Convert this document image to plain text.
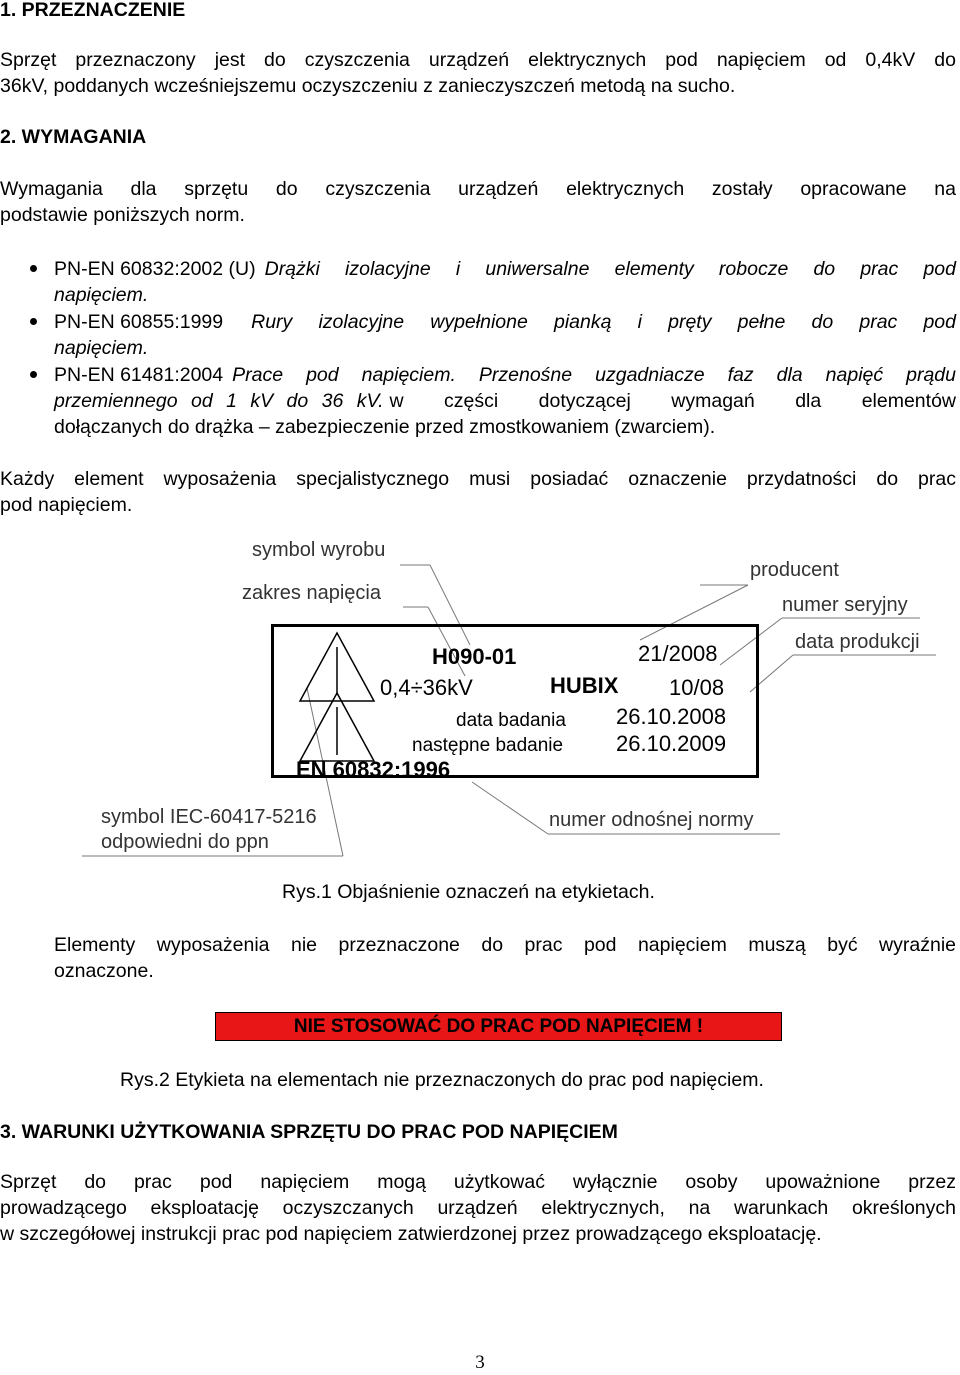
1. PRZEZNACZENIE
Sprzęt przeznaczony jest do czyszczenia urządzeń elektrycznych pod napięciem od 0,4kV do
36kV, poddanych wcześniejszemu oczyszczeniu z zanieczyszczeń metodą na sucho.
2. WYMAGANIA
Wymagania dla sprzętu do czyszczenia urządzeń elektrycznych zostały opracowane na
podstawie poniższych norm.
PN-EN 60832:2002 (U) Drążki izolacyjne i uniwersalne elementy robocze do prac pod
napięciem.
PN-EN 60855:1999 Rury izolacyjne wypełnione pianką i pręty pełne do prac pod
napięciem.
PN-EN 61481:2004 Prace pod napięciem. Przenośne uzgadniacze faz dla napięć prądu
przemiennego od 1 kV do 36 kV. w części dotyczącej wymagań dla elementów
dołączanych do drążka – zabezpieczenie przed zmostkowaniem (zwarciem).
Każdy element wyposażenia specjalistycznego musi posiadać oznaczenie przydatności do prac
pod napięciem.
symbol wyrobu
zakres napięcia
producent
numer seryjny
data produkcji
symbol IEC-60417-5216
odpowiedni do ppn
numer odnośnej normy
H090-01	21/2008
0,4÷36kV	HUBIX 10/08
data badania 26.10.2008
następne badanie 26.10.2009
EN 60832:1996
Rys.1 Objaśnienie oznaczeń na etykietach.
Elementy wyposażenia nie przeznaczone do prac pod napięciem muszą być wyraźnie
oznaczone.
NIE STOSOWAĆ DO PRAC POD NAPIĘCIEM !
Rys.2 Etykieta na elementach nie przeznaczonych do prac pod napięciem.
3. WARUNKI UŻYTKOWANIA SPRZĘTU DO PRAC POD NAPIĘCIEM
Sprzęt do prac pod napięciem mogą użytkować wyłącznie osoby upoważnione przez
prowadzącego eksploatację oczyszczanych urządzeń elektrycznych, na warunkach określonych
w szczegółowej instrukcji prac pod napięciem zatwierdzonej przez prowadzącego eksploatację.
3
